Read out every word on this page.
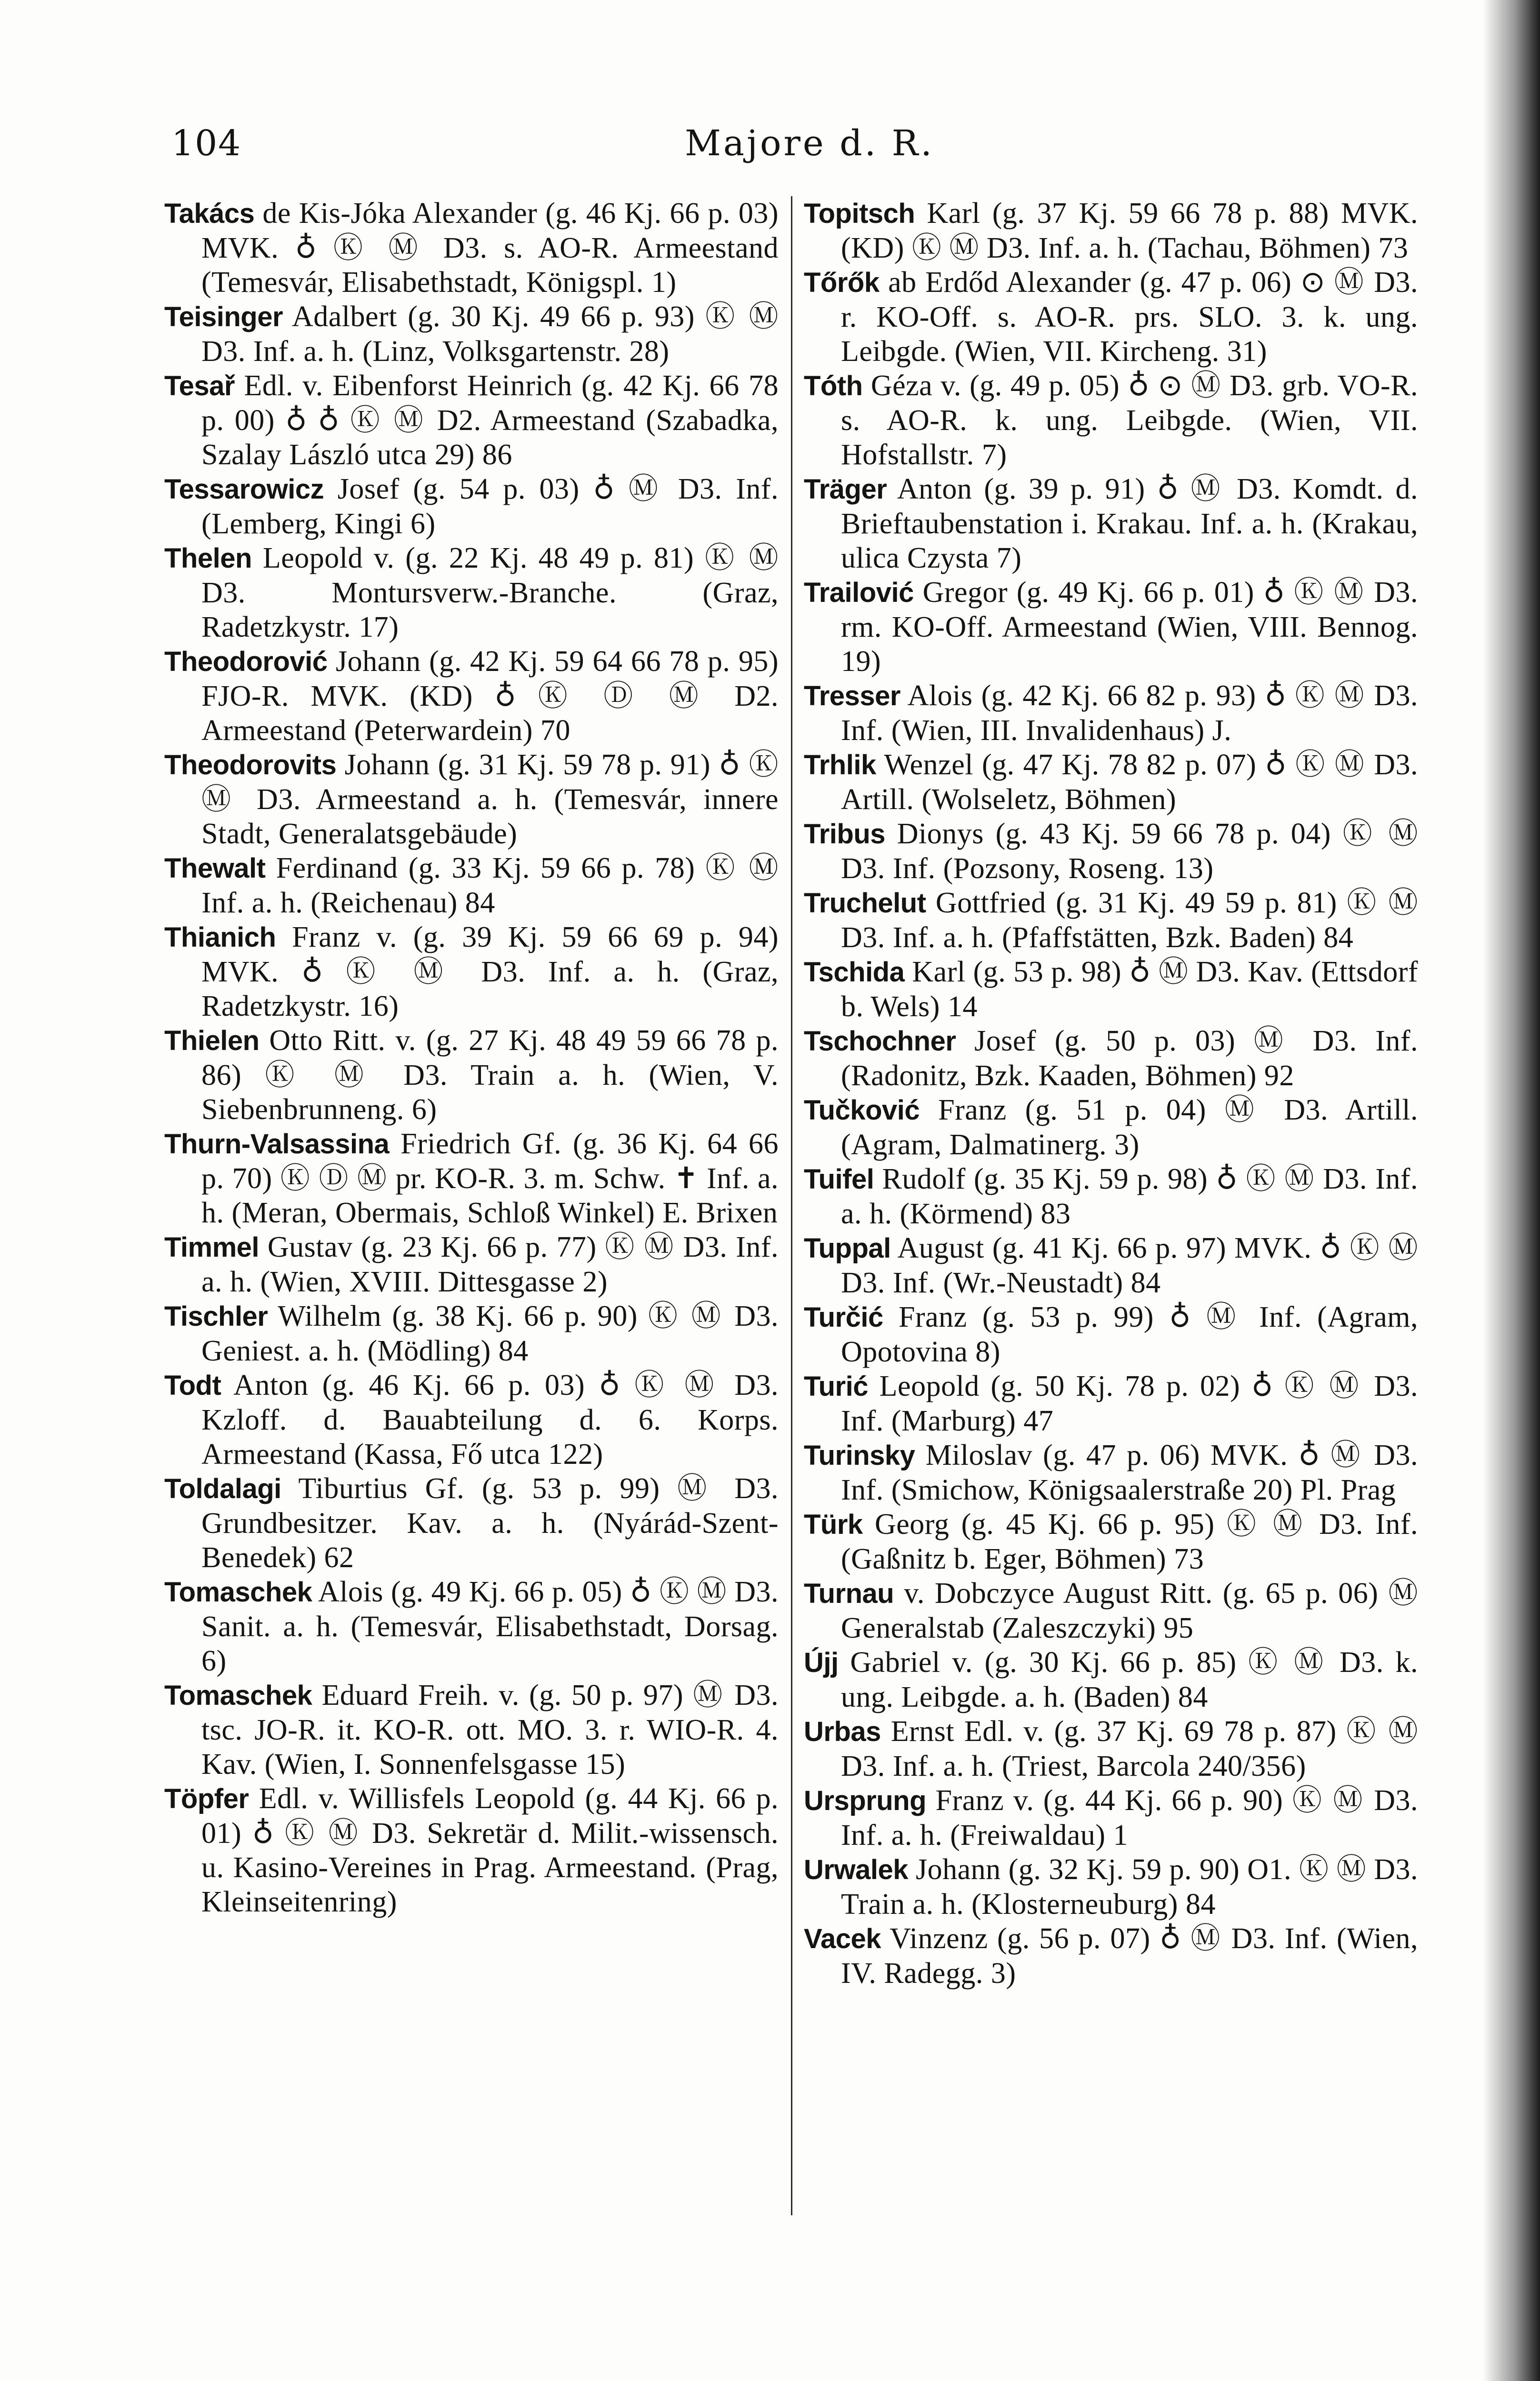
Majore d. R.
104

Takács de Kis-Jóka Alexander (g. 46 Kj. 66 p. 03) MVK. ♁ Ⓚ Ⓜ D3. s. AO-R. Armeestand (Temesvár, Elisabethstadt, Königspl. 1)

Teisinger Adalbert (g. 30 Kj. 49 66 p. 93) Ⓚ Ⓜ D3. Inf. a. h. (Linz, Volksgartenstr. 28)

Tesař Edl. v. Eibenforst Heinrich (g. 42 Kj. 66 78 p. 00) ♁ ♁ Ⓚ Ⓜ D2. Armeestand (Szabadka, Szalay László utca 29) 86

Tessarowicz Josef (g. 54 p. 03) ♁ Ⓜ D3. Inf. (Lemberg, Kingi 6)

Thelen Leopold v. (g. 22 Kj. 48 49 p. 81) Ⓚ Ⓜ D3. Montursverw.-Branche. (Graz, Radetzkystr. 17)

Theodorović Johann (g. 42 Kj. 59 64 66 78 p. 95) FJO-R. MVK. (KD) ♁ Ⓚ Ⓓ Ⓜ D2. Armeestand (Peterwardein) 70

Theodorovits Johann (g. 31 Kj. 59 78 p. 91) ♁ Ⓚ Ⓜ D3. Armeestand a. h. (Temesvár, innere Stadt, Generalatsgebäude)

Thewalt Ferdinand (g. 33 Kj. 59 66 p. 78) Ⓚ Ⓜ Inf. a. h. (Reichenau) 84

Thianich Franz v. (g. 39 Kj. 59 66 69 p. 94) MVK. ♁ Ⓚ Ⓜ D3. Inf. a. h. (Graz, Radetzkystr. 16)

Thielen Otto Ritt. v. (g. 27 Kj. 48 49 59 66 78 p. 86) Ⓚ Ⓜ D3. Train a. h. (Wien, V. Siebenbrunneng. 6)

Thurn-Valsassina Friedrich Gf. (g. 36 Kj. 64 66 p. 70) Ⓚ Ⓓ Ⓜ pr. KO-R. 3. m. Schw. ✝ Inf. a. h. (Meran, Obermais, Schloß Winkel) E. Brixen

Timmel Gustav (g. 23 Kj. 66 p. 77) Ⓚ Ⓜ D3. Inf. a. h. (Wien, XVIII. Dittesgasse 2)

Tischler Wilhelm (g. 38 Kj. 66 p. 90) Ⓚ Ⓜ D3. Geniest. a. h. (Mödling) 84

Todt Anton (g. 46 Kj. 66 p. 03) ♁ Ⓚ Ⓜ D3. Kzloff. d. Bauabteilung d. 6. Korps. Armeestand (Kassa, Fő utca 122)

Toldalagi Tiburtius Gf. (g. 53 p. 99) Ⓜ D3. Grundbesitzer. Kav. a. h. (Nyárád-Szent-Benedek) 62

Tomaschek Alois (g. 49 Kj. 66 p. 05) ♁ Ⓚ Ⓜ D3. Sanit. a. h. (Temesvár, Elisabethstadt, Dorsag. 6)

Tomaschek Eduard Freih. v. (g. 50 p. 97) Ⓜ D3. tsc. JO-R. it. KO-R. ott. MO. 3. r. WIO-R. 4. Kav. (Wien, I. Sonnenfelsgasse 15)

Töpfer Edl. v. Willisfels Leopold (g. 44 Kj. 66 p. 01) ♁ Ⓚ Ⓜ D3. Sekretär d. Milit.-wissensch. u. Kasino-Vereines in Prag. Armeestand. (Prag, Kleinseitenring)

Topitsch Karl (g. 37 Kj. 59 66 78 p. 88) MVK. (KD) Ⓚ Ⓜ D3. Inf. a. h. (Tachau, Böhmen) 73

Tőrők ab Erdőd Alexander (g. 47 p. 06) ⊙ Ⓜ D3. r. KO-Off. s. AO-R. prs. SLO. 3. k. ung. Leibgde. (Wien, VII. Kircheng. 31)

Tóth Géza v. (g. 49 p. 05) ♁ ⊙ Ⓜ D3. grb. VO-R. s. AO-R. k. ung. Leibgde. (Wien, VII. Hofstallstr. 7)

Träger Anton (g. 39 p. 91) ♁ Ⓜ D3. Komdt. d. Brieftaubenstation i. Krakau. Inf. a. h. (Krakau, ulica Czysta 7)

Trailović Gregor (g. 49 Kj. 66 p. 01) ♁ Ⓚ Ⓜ D3. rm. KO-Off. Armeestand (Wien, VIII. Bennog. 19)

Tresser Alois (g. 42 Kj. 66 82 p. 93) ♁ Ⓚ Ⓜ D3. Inf. (Wien, III. Invalidenhaus) J.

Trhlik Wenzel (g. 47 Kj. 78 82 p. 07) ♁ Ⓚ Ⓜ D3. Artill. (Wolseletz, Böhmen)

Tribus Dionys (g. 43 Kj. 59 66 78 p. 04) Ⓚ Ⓜ D3. Inf. (Pozsony, Roseng. 13)

Truchelut Gottfried (g. 31 Kj. 49 59 p. 81) Ⓚ Ⓜ D3. Inf. a. h. (Pfaffstätten, Bzk. Baden) 84

Tschida Karl (g. 53 p. 98) ♁ Ⓜ D3. Kav. (Ettsdorf b. Wels) 14

Tschochner Josef (g. 50 p. 03) Ⓜ D3. Inf. (Radonitz, Bzk. Kaaden, Böhmen) 92

Tučković Franz (g. 51 p. 04) Ⓜ D3. Artill. (Agram, Dalmatinerg. 3)

Tuifel Rudolf (g. 35 Kj. 59 p. 98) ♁ Ⓚ Ⓜ D3. Inf. a. h. (Körmend) 83

Tuppal August (g. 41 Kj. 66 p. 97) MVK. ♁ Ⓚ Ⓜ D3. Inf. (Wr.-Neustadt) 84

Turčić Franz (g. 53 p. 99) ♁ Ⓜ Inf. (Agram, Opotovina 8)

Turić Leopold (g. 50 Kj. 78 p. 02) ♁ Ⓚ Ⓜ D3. Inf. (Marburg) 47

Turinsky Miloslav (g. 47 p. 06) MVK. ♁ Ⓜ D3. Inf. (Smichow, Königsaalerstraße 20) Pl. Prag

Türk Georg (g. 45 Kj. 66 p. 95) Ⓚ Ⓜ D3. Inf. (Gaßnitz b. Eger, Böhmen) 73

Turnau v. Dobczyce August Ritt. (g. 65 p. 06) Ⓜ Generalstab (Zaleszczyki) 95

Újj Gabriel v. (g. 30 Kj. 66 p. 85) Ⓚ Ⓜ D3. k. ung. Leibgde. a. h. (Baden) 84

Urbas Ernst Edl. v. (g. 37 Kj. 69 78 p. 87) Ⓚ Ⓜ D3. Inf. a. h. (Triest, Barcola 240/356)

Ursprung Franz v. (g. 44 Kj. 66 p. 90) Ⓚ Ⓜ D3. Inf. a. h. (Freiwaldau) 1

Urwalek Johann (g. 32 Kj. 59 p. 90) O1. Ⓚ Ⓜ D3. Train a. h. (Klosterneuburg) 84

Vacek Vinzenz (g. 56 p. 07) ♁ Ⓜ D3. Inf. (Wien, IV. Radegg. 3)
